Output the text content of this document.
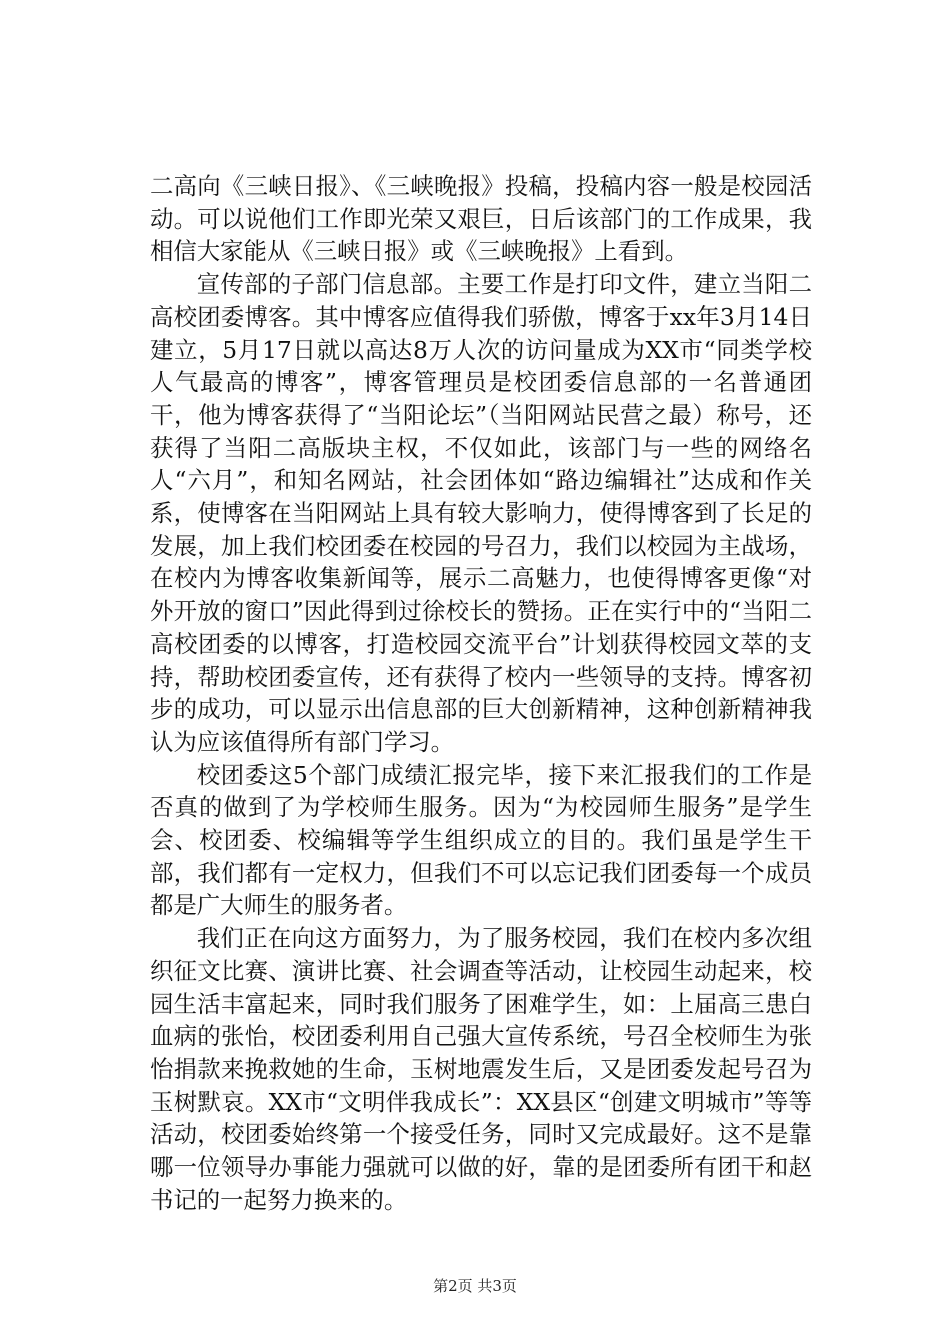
二高向《三峡日报》、《三峡晚报》投稿，投稿内容一般是校园活动。可以说他们工作即光荣又艰巨，日后该部门的工作成果，我相信大家能从《三峡日报》或《三峡晚报》上看到。

宣传部的子部门信息部。主要工作是打印文件，建立当阳二高校团委博客。其中博客应值得我们骄傲，博客于xx年3月14日建立，5月17日就以高达8万人次的访问量成为XX市“同类学校人气最高的博客”，博客管理员是校团委信息部的一名普通团干，他为博客获得了“当阳论坛”（当阳网站民营之最）称号，还获得了当阳二高版块主权，不仅如此，该部门与一些的网络名人“六月”，和知名网站，社会团体如“路边编辑社”达成和作关系，使博客在当阳网站上具有较大影响力，使得博客到了长足的发展，加上我们校团委在校园的号召力，我们以校园为主战场，在校内为博客收集新闻等，展示二高魅力，也使得博客更像“对外开放的窗口”因此得到过徐校长的赞扬。正在实行中的“当阳二高校团委的以博客，打造校园交流平台”计划获得校园文萃的支持，帮助校团委宣传，还有获得了校内一些领导的支持。博客初步的成功，可以显示出信息部的巨大创新精神，这种创新精神我认为应该值得所有部门学习。

校团委这5个部门成绩汇报完毕，接下来汇报我们的工作是否真的做到了为学校师生服务。因为“为校园师生服务”是学生会、校团委、校编辑等学生组织成立的目的。我们虽是学生干部，我们都有一定权力，但我们不可以忘记我们团委每一个成员都是广大师生的服务者。

我们正在向这方面努力，为了服务校园，我们在校内多次组织征文比赛、演讲比赛、社会调查等活动，让校园生动起来，校园生活丰富起来，同时我们服务了困难学生，如：上届高三患白血病的张怡，校团委利用自己强大宣传系统，号召全校师生为张怡捐款来挽救她的生命，玉树地震发生后，又是团委发起号召为玉树默哀。XX市“文明伴我成长”：XX县区“创建文明城市”等等活动，校团委始终第一个接受任务，同时又完成最好。这不是靠哪一位领导办事能力强就可以做的好，靠的是团委所有团干和赵书记的一起努力换来的。

第2页 共3页
